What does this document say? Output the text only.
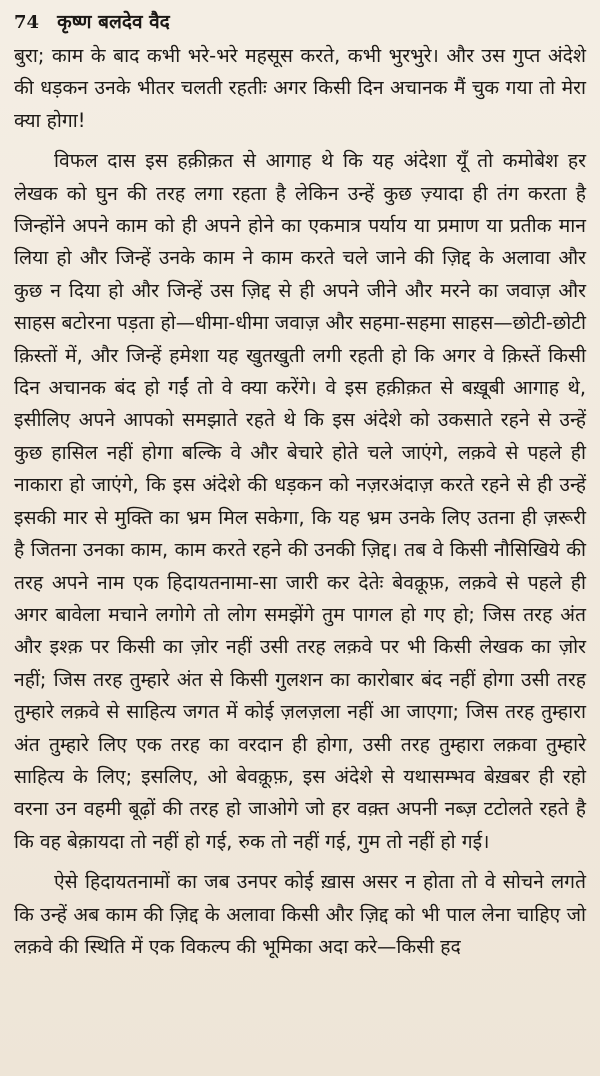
74 कृष्ण बलदेव वैद

बुरा; काम के बाद कभी भरे-भरे महसूस करते, कभी भुरभुरे। और उस गुप्त अंदेशे की धड़कन उनके भीतर चलती रहतीः अगर किसी दिन अचानक मैं चुक गया तो मेरा क्या होगा!

विफल दास इस हक़ीक़त से आगाह थे कि यह अंदेशा यूँ तो कमोबेश हर लेखक को घुन की तरह लगा रहता है लेकिन उन्हें कुछ ज़्यादा ही तंग करता है जिन्होंने अपने काम को ही अपने होने का एकमात्र पर्याय या प्रमाण या प्रतीक मान लिया हो और जिन्हें उनके काम ने काम करते चले जाने की ज़िद्द के अलावा और कुछ न दिया हो और जिन्हें उस ज़िद्द से ही अपने जीने और मरने का जवाज़ और साहस बटोरना पड़ता हो—धीमा-धीमा जवाज़ और सहमा-सहमा साहस—छोटी-छोटी क़िस्तों में, और जिन्हें हमेशा यह खुतखुती लगी रहती हो कि अगर वे क़िस्तें किसी दिन अचानक बंद हो गईं तो वे क्या करेंगे। वे इस हक़ीक़त से बख़ूबी आगाह थे, इसीलिए अपने आपको समझाते रहते थे कि इस अंदेशे को उकसाते रहने से उन्हें कुछ हासिल नहीं होगा बल्कि वे और बेचारे होते चले जाएंगे, लक़वे से पहले ही नाकारा हो जाएंगे, कि इस अंदेशे की धड़कन को नज़रअंदाज़ करते रहने से ही उन्हें इसकी मार से मुक्ति का भ्रम मिल सकेगा, कि यह भ्रम उनके लिए उतना ही ज़रूरी है जितना उनका काम, काम करते रहने की उनकी ज़िद्द। तब वे किसी नौसिखिये की तरह अपने नाम एक हिदायतनामा-सा जारी कर देतेः बेवक़ूफ़, लक़वे से पहले ही अगर बावेला मचाने लगोगे तो लोग समझेंगे तुम पागल हो गए हो; जिस तरह अंत और इश्क़ पर किसी का ज़ोर नहीं उसी तरह लक़वे पर भी किसी लेखक का ज़ोर नहीं; जिस तरह तुम्हारे अंत से किसी गुलशन का कारोबार बंद नहीं होगा उसी तरह तुम्हारे लक़वे से साहित्य जगत में कोई ज़लज़ला नहीं आ जाएगा; जिस तरह तुम्हारा अंत तुम्हारे लिए एक तरह का वरदान ही होगा, उसी तरह तुम्हारा लक़वा तुम्हारे साहित्य के लिए; इसलिए, ओ बेवक़ूफ़, इस अंदेशे से यथासम्भव बेख़बर ही रहो वरना उन वहमी बूढ़ों की तरह हो जाओगे जो हर वक़्त अपनी नब्ज़ टटोलते रहते है कि वह बेक़ायदा तो नहीं हो गई, रुक तो नहीं गई, गुम तो नहीं हो गई।

ऐसे हिदायतनामों का जब उनपर कोई ख़ास असर न होता तो वे सोचने लगते कि उन्हें अब काम की ज़िद्द के अलावा किसी और ज़िद्द को भी पाल लेना चाहिए जो लक़वे की स्थिति में एक विकल्प की भूमिका अदा करे—किसी हद
